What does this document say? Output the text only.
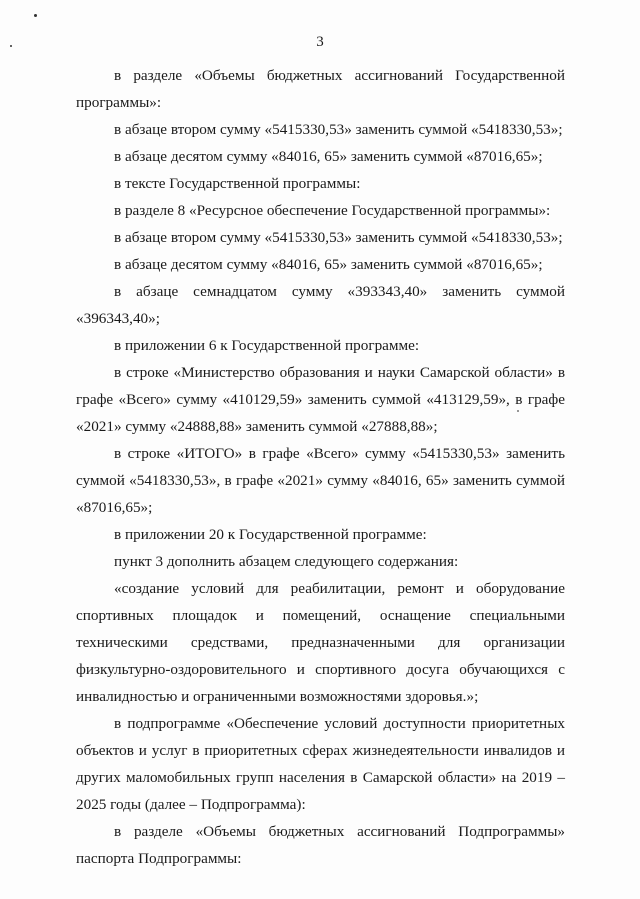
3

в разделе «Объемы бюджетных ассигнований Государственной программы»:

в абзаце втором сумму «5415330,53» заменить суммой «5418330,53»;

в абзаце десятом сумму «84016, 65» заменить суммой «87016,65»;

в тексте Государственной программы:

в разделе 8 «Ресурсное обеспечение Государственной программы»:

в абзаце втором сумму «5415330,53» заменить суммой «5418330,53»;

в абзаце десятом сумму «84016, 65» заменить суммой «87016,65»;

в абзаце семнадцатом сумму «393343,40» заменить суммой «396343,40»;

в приложении 6 к Государственной программе:

в строке «Министерство образования и науки Самарской области» в графе «Всего» сумму «410129,59» заменить суммой «413129,59», в графе «2021» сумму «24888,88» заменить суммой «27888,88»;

в строке «ИТОГО» в графе «Всего» сумму «5415330,53» заменить суммой «5418330,53», в графе «2021» сумму «84016, 65» заменить суммой «87016,65»;

в приложении 20 к Государственной программе:

пункт 3 дополнить абзацем следующего содержания:

«создание условий для реабилитации, ремонт и оборудование спортивных площадок и помещений, оснащение специальными техническими средствами, предназначенными для организации физкультурно-оздоровительного и спортивного досуга обучающихся с инвалидностью и ограниченными возможностями здоровья.»;

в подпрограмме «Обеспечение условий доступности приоритетных объектов и услуг в приоритетных сферах жизнедеятельности инвалидов и других маломобильных групп населения в Самарской области» на 2019 – 2025 годы (далее – Подпрограмма):

в разделе «Объемы бюджетных ассигнований Подпрограммы» паспорта Подпрограммы:
